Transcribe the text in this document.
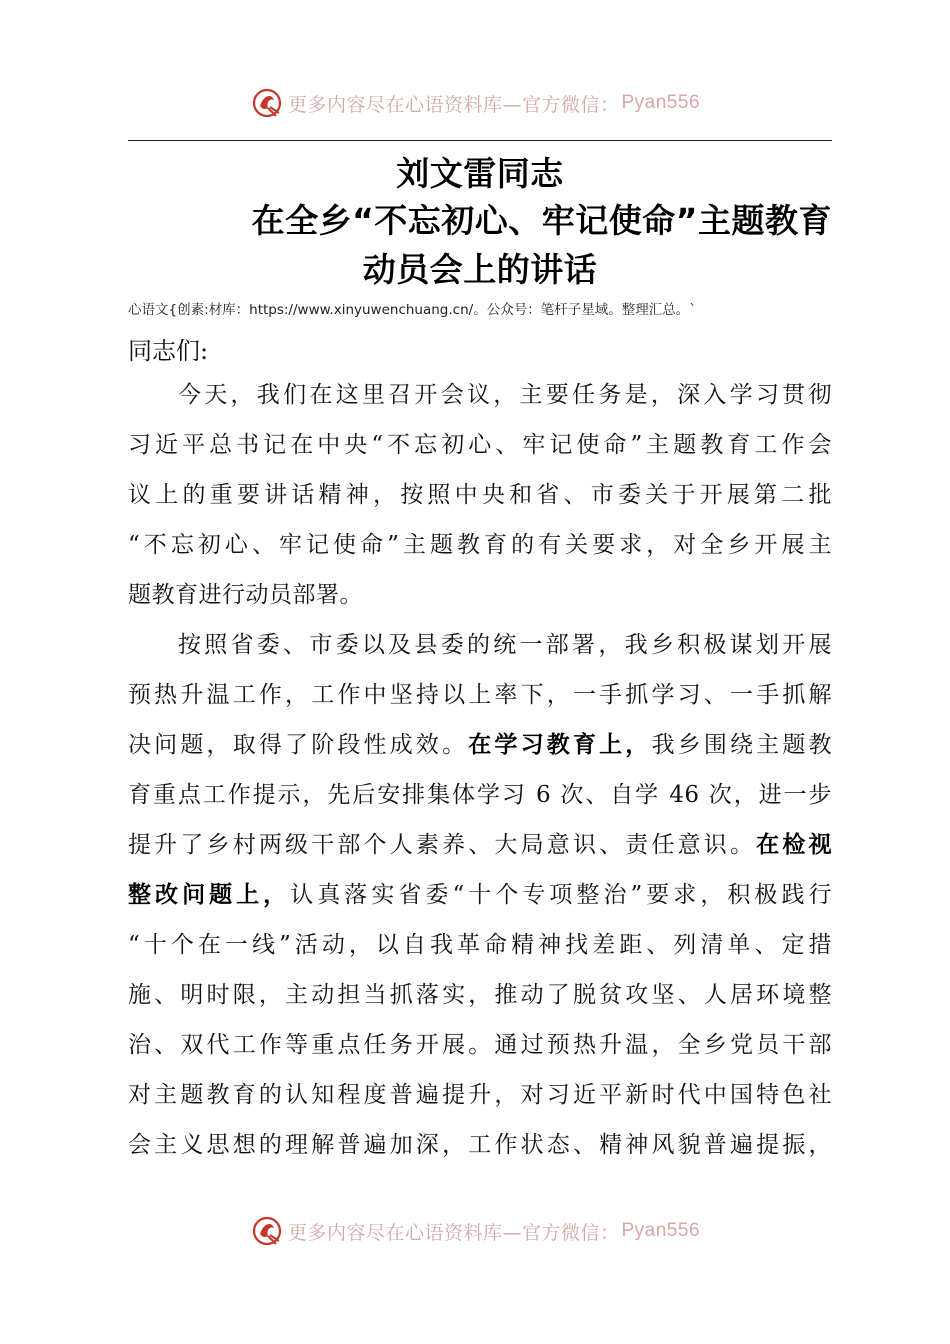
更多内容尽在心语资料库—官方微信： Pyan556
刘文雷同志
在全乡“不忘初心、牢记使命”主题教育
动员会上的讲话
心语文{创素:材库：https://www.xinyuwenchuang.cn/。公众号：笔杆子星域。整理汇总。`
同志们:
今天，我们在这里召开会议，主要任务是，深入学习贯彻
习近平总书记在中央“不忘初心、牢记使命”主题教育工作会
议上的重要讲话精神，按照中央和省、市委关于开展第二批
“不忘初心、牢记使命”主题教育的有关要求，对全乡开展主
题教育进行动员部署。
按照省委、市委以及县委的统一部署，我乡积极谋划开展
预热升温工作，工作中坚持以上率下，一手抓学习、一手抓解
决问题，取得了阶段性成效。在学习教育上，我乡围绕主题教
育重点工作提示，先后安排集体学习 6 次、自学 46 次，进一步
提升了乡村两级干部个人素养、大局意识、责任意识。在检视
整改问题上，认真落实省委“十个专项整治”要求，积极践行
“十个在一线”活动，以自我革命精神找差距、列清单、定措
施、明时限，主动担当抓落实，推动了脱贫攻坚、人居环境整
治、双代工作等重点任务开展。通过预热升温，全乡党员干部
对主题教育的认知程度普遍提升，对习近平新时代中国特色社
会主义思想的理解普遍加深，工作状态、精神风貌普遍提振，
更多内容尽在心语资料库—官方微信： Pyan556
